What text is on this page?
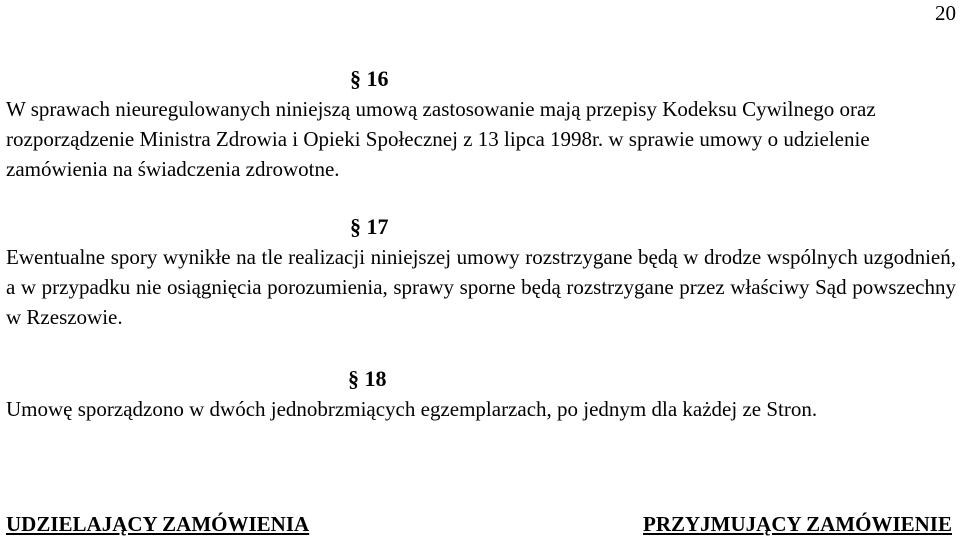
20
§ 16
W sprawach nieuregulowanych niniejszą umową zastosowanie mają przepisy Kodeksu Cywilnego oraz rozporządzenie Ministra Zdrowia i Opieki Społecznej z 13 lipca 1998r. w sprawie umowy o udzielenie zamówienia na świadczenia zdrowotne.
§ 17
Ewentualne spory wynikłe na tle realizacji niniejszej umowy rozstrzygane będą w drodze wspólnych uzgodnień, a w przypadku nie osiągnięcia porozumienia, sprawy sporne będą rozstrzygane przez właściwy Sąd powszechny w Rzeszowie.
§ 18
Umowę sporządzono w dwóch jednobrzmiących egzemplarzach, po jednym dla każdej ze Stron.
UDZIELAJĄCY ZAMÓWIENIA	PRZYJMUJĄCY ZAMÓWIENIE
